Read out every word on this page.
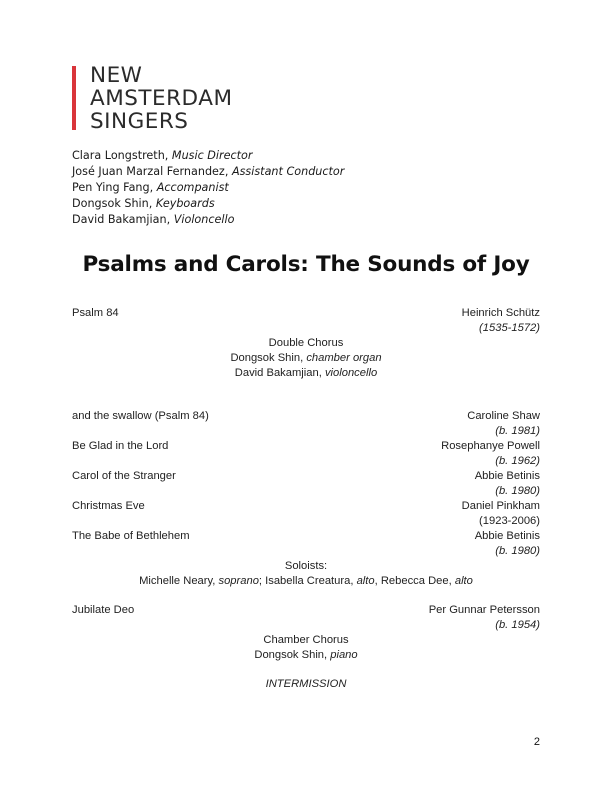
NEW
AMSTERDAM
SINGERS
Clara Longstreth, Music Director
José Juan Marzal Fernandez, Assistant Conductor
Pen Ying Fang, Accompanist
Dongsok Shin, Keyboards
David Bakamjian, Violoncello
Psalms and Carols: The Sounds of Joy
Psalm 84	Heinrich Schütz
(1535-1572)
Double Chorus
Dongsok Shin, chamber organ
David Bakamjian, violoncello
and the swallow (Psalm 84)	Caroline Shaw
(b. 1981)
Be Glad in the Lord	Rosephanye Powell
(b. 1962)
Carol of the Stranger	Abbie Betinis
(b. 1980)
Christmas Eve	Daniel Pinkham
(1923-2006)
The Babe of Bethlehem	Abbie Betinis
(b. 1980)
Soloists:
Michelle Neary, soprano; Isabella Creatura, alto, Rebecca Dee, alto
Jubilate Deo	Per Gunnar Petersson
(b. 1954)
Chamber Chorus
Dongsok Shin, piano
INTERMISSION
2
